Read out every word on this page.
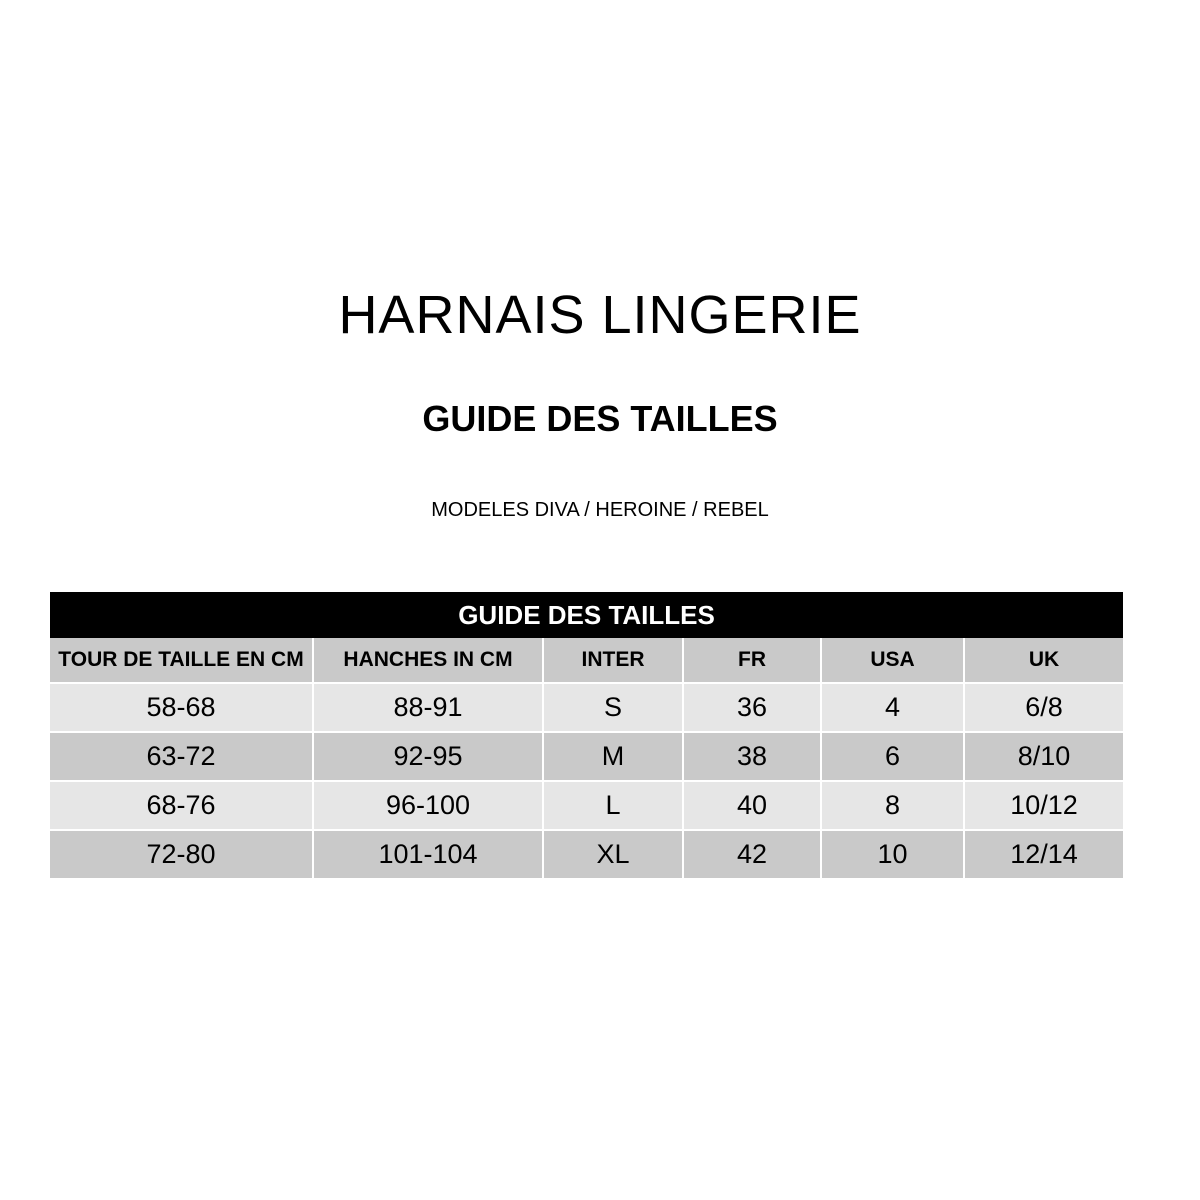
HARNAIS LINGERIE
GUIDE DES TAILLES

MODELES DIVA / HEROINE / REBEL

GUIDE DES TAILLES					
TOUR DE TAILLE EN CM	HANCHES IN CM	INTER	FR	USA	UK
58-68	88-91	S	36	4	6/8
63-72	92-95	M	38	6	8/10
68-76	96-100	L	40	8	10/12
72-80	101-104	XL	42	10	12/14
